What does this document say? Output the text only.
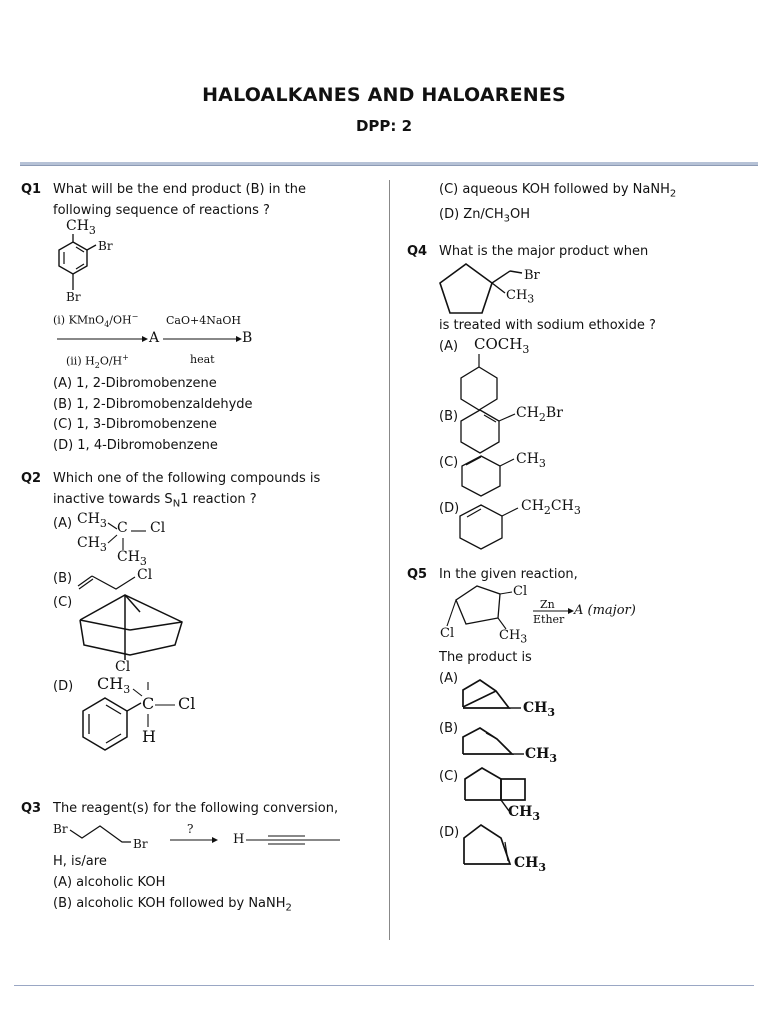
HALOALKANES AND HALOARENES
DPP: 2
Q1 What will be the end product (B) in the
following sequence of reactions ?
$CH_3$
Br
Br
(i) KMnO$_4$/OH−
(ii) $H_2O/H^+$
CaO+4NaOH
heat
A	B
(A) 1, 2-Dibromobenzene
(B) 1, 2-Dibromobenzaldehyde
(C) 1, 3-Dibromobenzene
(D) 1, 4-Dibromobenzene
Q2 Which one of the following compounds is
inactive towards $S_N1$ reaction ?
(A) $CH_3$
$CH_3$
C Cl
$CH_3$
(B)	Cl
(C)
Cl
(D) $CH_3$
C Cl
H
Q3 The reagent(s) for the following conversion,
Br
Br
?
H
H, is/are
(A) alcoholic KOH
(B) alcoholic KOH followed by NaNH$_2$
(C) aqueous KOH followed by NaNH$_2$
(D) $Zn/CH_3OH$
Q4 What is the major product when
Br
$CH_3$
is treated with sodium ethoxide ?
(A) $COCH_3$
(B)	$CH_2Br$
(C)	$CH_3$
(D)	$CH_2CH_3$
Q5 In the given reaction,
Cl
Cl	$CH_3$
Zn
Ether
A (major)
The product is
(A)
$CH_3$
(B)
$CH_3$
(C)
$CH_3$
(D)
$CH_3$
